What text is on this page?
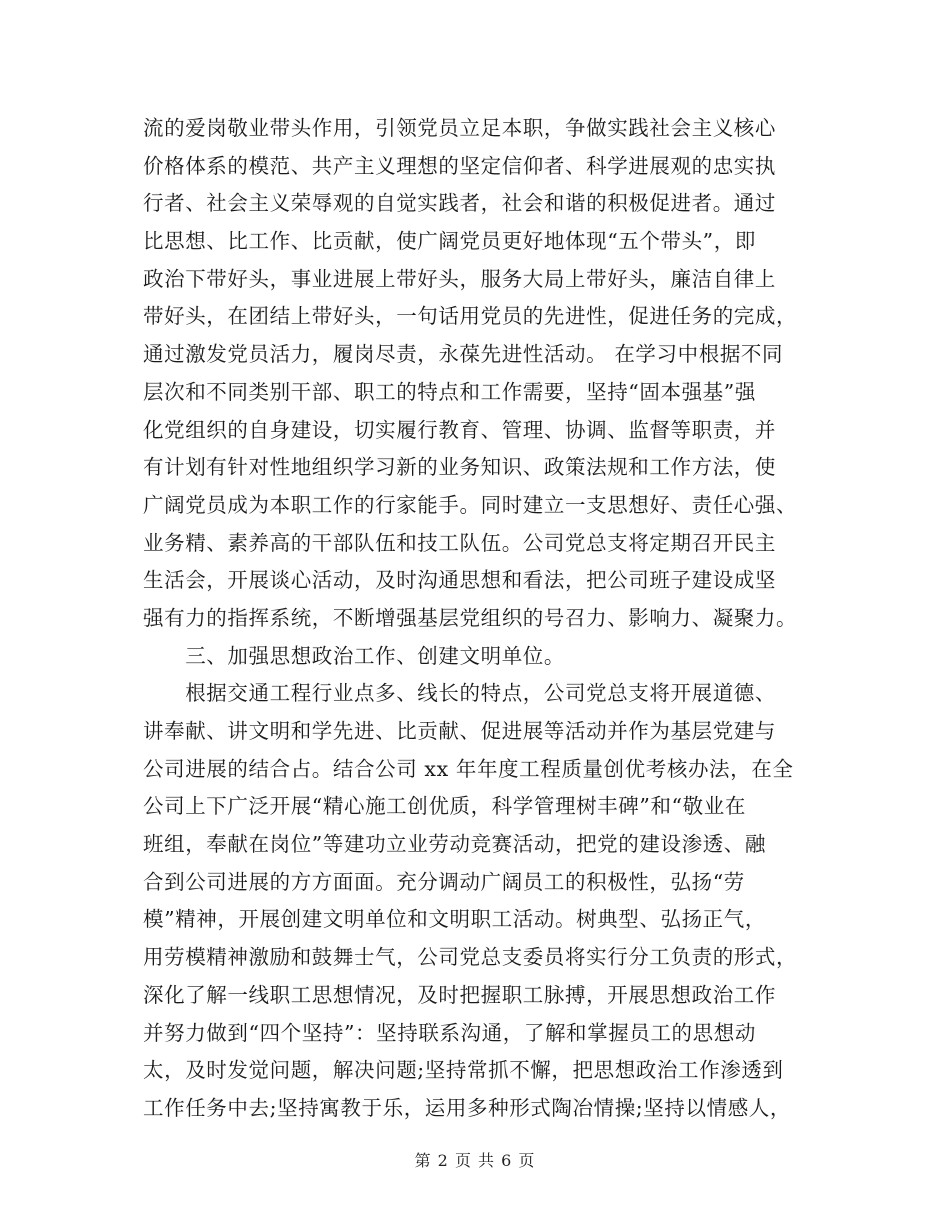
流的爱岗敬业带头作用，引领党员立足本职，争做实践社会主义核心
价格体系的模范、共产主义理想的坚定信仰者、科学进展观的忠实执
行者、社会主义荣辱观的自觉实践者，社会和谐的积极促进者。通过
比思想、比工作、比贡献，使广阔党员更好地体现“五个带头”，即
政治下带好头，事业进展上带好头，服务大局上带好头，廉洁自律上
带好头，在团结上带好头，一句话用党员的先进性，促进任务的完成，
通过激发党员活力，履岗尽责，永葆先进性活动。 在学习中根据不同
层次和不同类别干部、职工的特点和工作需要，坚持“固本强基”强
化党组织的自身建设，切实履行教育、管理、协调、监督等职责，并
有计划有针对性地组织学习新的业务知识、政策法规和工作方法，使
广阔党员成为本职工作的行家能手。同时建立一支思想好、责任心强、
业务精、素养高的干部队伍和技工队伍。公司党总支将定期召开民主
生活会，开展谈心活动，及时沟通思想和看法，把公司班子建设成坚
强有力的指挥系统，不断增强基层党组织的号召力、影响力、凝聚力。
　　三、加强思想政治工作、创建文明单位。
　　根据交通工程行业点多、线长的特点，公司党总支将开展道德、
讲奉献、讲文明和学先进、比贡献、促进展等活动并作为基层党建与
公司进展的结合占。结合公司 xx 年年度工程质量创优考核办法，在全
公司上下广泛开展“精心施工创优质，科学管理树丰碑”和“敬业在
班组，奉献在岗位”等建功立业劳动竞赛活动，把党的建设渗透、融
合到公司进展的方方面面。充分调动广阔员工的积极性，弘扬“劳
模”精神，开展创建文明单位和文明职工活动。树典型、弘扬正气，
用劳模精神激励和鼓舞士气，公司党总支委员将实行分工负责的形式，
深化了解一线职工思想情况，及时把握职工脉搏，开展思想政治工作
并努力做到“四个坚持”：坚持联系沟通，了解和掌握员工的思想动
太，及时发觉问题，解决问题;坚持常抓不懈，把思想政治工作渗透到
工作任务中去;坚持寓教于乐，运用多种形式陶冶情操;坚持以情感人，
第 2 页 共 6 页
